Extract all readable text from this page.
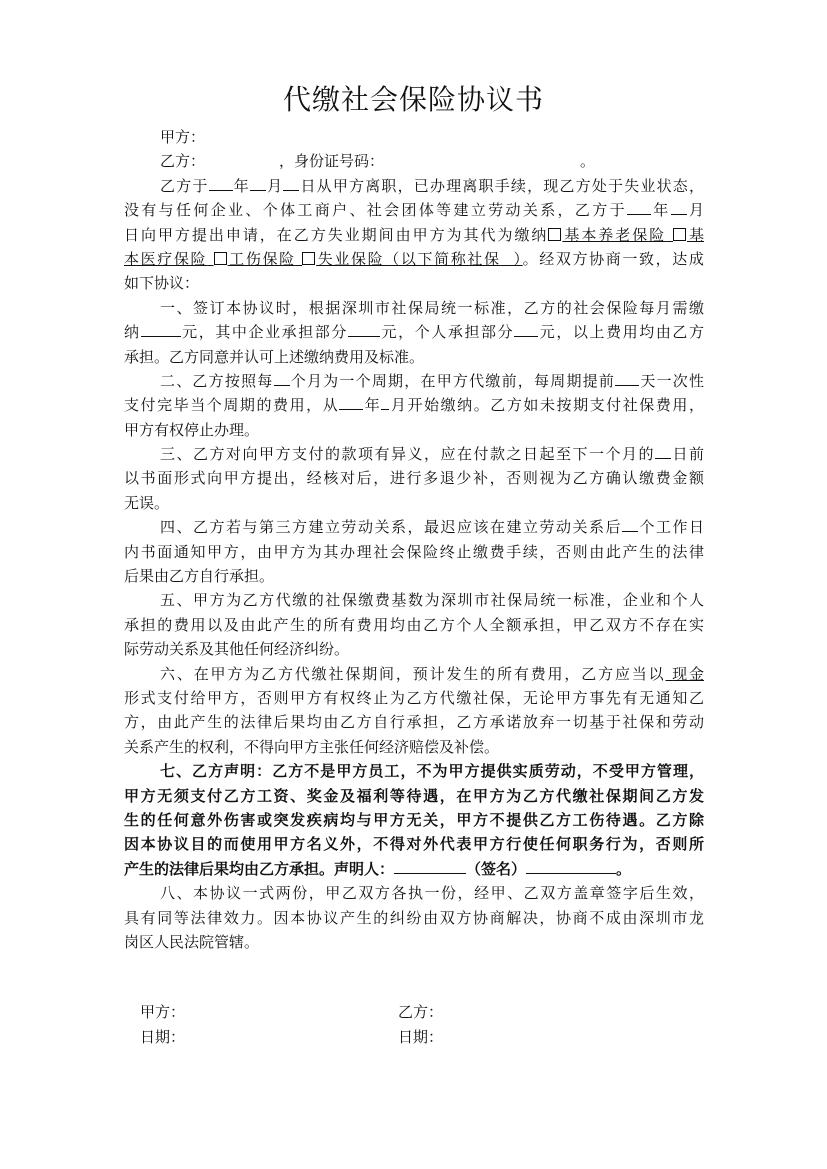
代缴社会保险协议书
甲方：
乙方：	，身份证号码：	。
乙方于 年 月 日从甲方离职，已办理离职手续，现乙方处于失业状态，
没有与任何企业、个体工商户、社会团体等建立劳动关系，乙方于 年 月
日向甲方提出申请，在乙方失业期间由甲方为其代为缴纳 基本养老保险 基
本医疗保险 工伤保险 失业保险（以下简称社保 ）。经双方协商一致，达成
如下协议：
一、签订本协议时，根据深圳市社保局统一标准，乙方的社会保险每月需缴
纳	元，其中企业承担部分 元，个人承担部分 元，以上费用均由乙方
承担。乙方同意并认可上述缴纳费用及标准。
二、乙方按照每 个月为一个周期，在甲方代缴前，每周期提前 天一次性
支付完毕当个周期的费用，从 年 月开始缴纳。乙方如未按期支付社保费用，
甲方有权停止办理。
三、乙方对向甲方支付的款项有异义，应在付款之日起至下一个月的 日前
以书面形式向甲方提出，经核对后，进行多退少补，否则视为乙方确认缴费金额
无误。
四、乙方若与第三方建立劳动关系，最迟应该在建立劳动关系后 个工作日
内书面通知甲方，由甲方为其办理社会保险终止缴费手续，否则由此产生的法律
后果由乙方自行承担。
五、甲方为乙方代缴的社保缴费基数为深圳市社保局统一标准，企业和个人
承担的费用以及由此产生的所有费用均由乙方个人全额承担，甲乙双方不存在实
际劳动关系及其他任何经济纠纷。
六、在甲方为乙方代缴社保期间，预计发生的所有费用，乙方应当以 现金
形式支付给甲方，否则甲方有权终止为乙方代缴社保，无论甲方事先有无通知乙
方，由此产生的法律后果均由乙方自行承担，乙方承诺放弃一切基于社保和劳动
关系产生的权利，不得向甲方主张任何经济赔偿及补偿。
七、乙方声明：乙方不是甲方员工，不为甲方提供实质劳动，不受甲方管理，
甲方无须支付乙方工资、奖金及福利等待遇，在甲方为乙方代缴社保期间乙方发
生的任何意外伤害或突发疾病均与甲方无关，甲方不提供乙方工伤待遇。乙方除
因本协议目的而使用甲方名义外，不得对外代表甲方行使任何职务行为，否则所
产生的法律后果均由乙方承担。声明人：	（签名）	。
八、本协议一式两份，甲乙双方各执一份，经甲、乙双方盖章签字后生效，
具有同等法律效力。因本协议产生的纠纷由双方协商解决，协商不成由深圳市龙
岗区人民法院管辖。
甲方：	乙方：
日期：	日期：
